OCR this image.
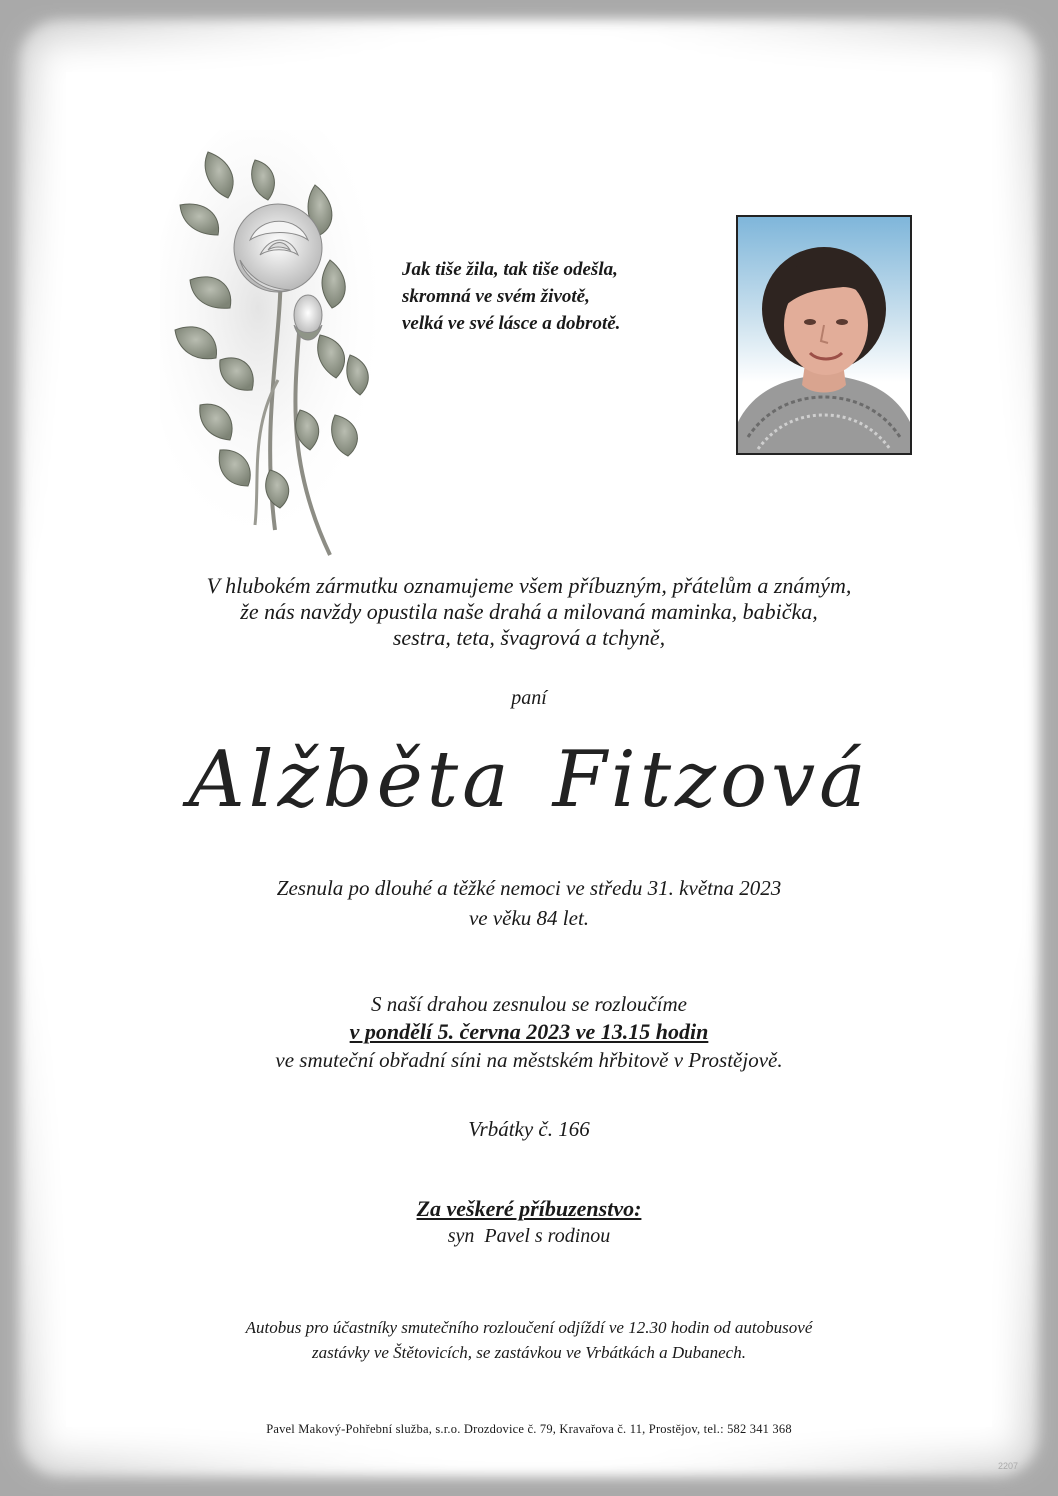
Jak tiše žila, tak tiše odešla,
skromná ve svém životě,
velká ve své lásce a dobrotě.
V hlubokém zármutku oznamujeme všem příbuzným, přátelům a známým,
že nás navždy opustila naše drahá a milovaná maminka, babička,
sestra, teta, švagrová a tchyně,
paní
Alžběta Fitzová
Zesnula po dlouhé a těžké nemoci ve středu 31. května 2023
ve věku 84 let.
S naší drahou zesnulou se rozloučíme
v pondělí 5. června 2023 ve 13.15 hodin
ve smuteční obřadní síni na městském hřbitově v Prostějově.
Vrbátky č. 166
Za veškeré příbuzenstvo:
syn  Pavel s rodinou
Autobus pro účastníky smutečního rozloučení odjíždí ve 12.30 hodin od autobusové
zastávky ve Štětovicích, se zastávkou ve Vrbátkách a Dubanech.
Pavel Makový-Pohřební služba, s.r.o. Drozdovice č. 79, Kravařova č. 11, Prostějov, tel.: 582 341 368
2207
